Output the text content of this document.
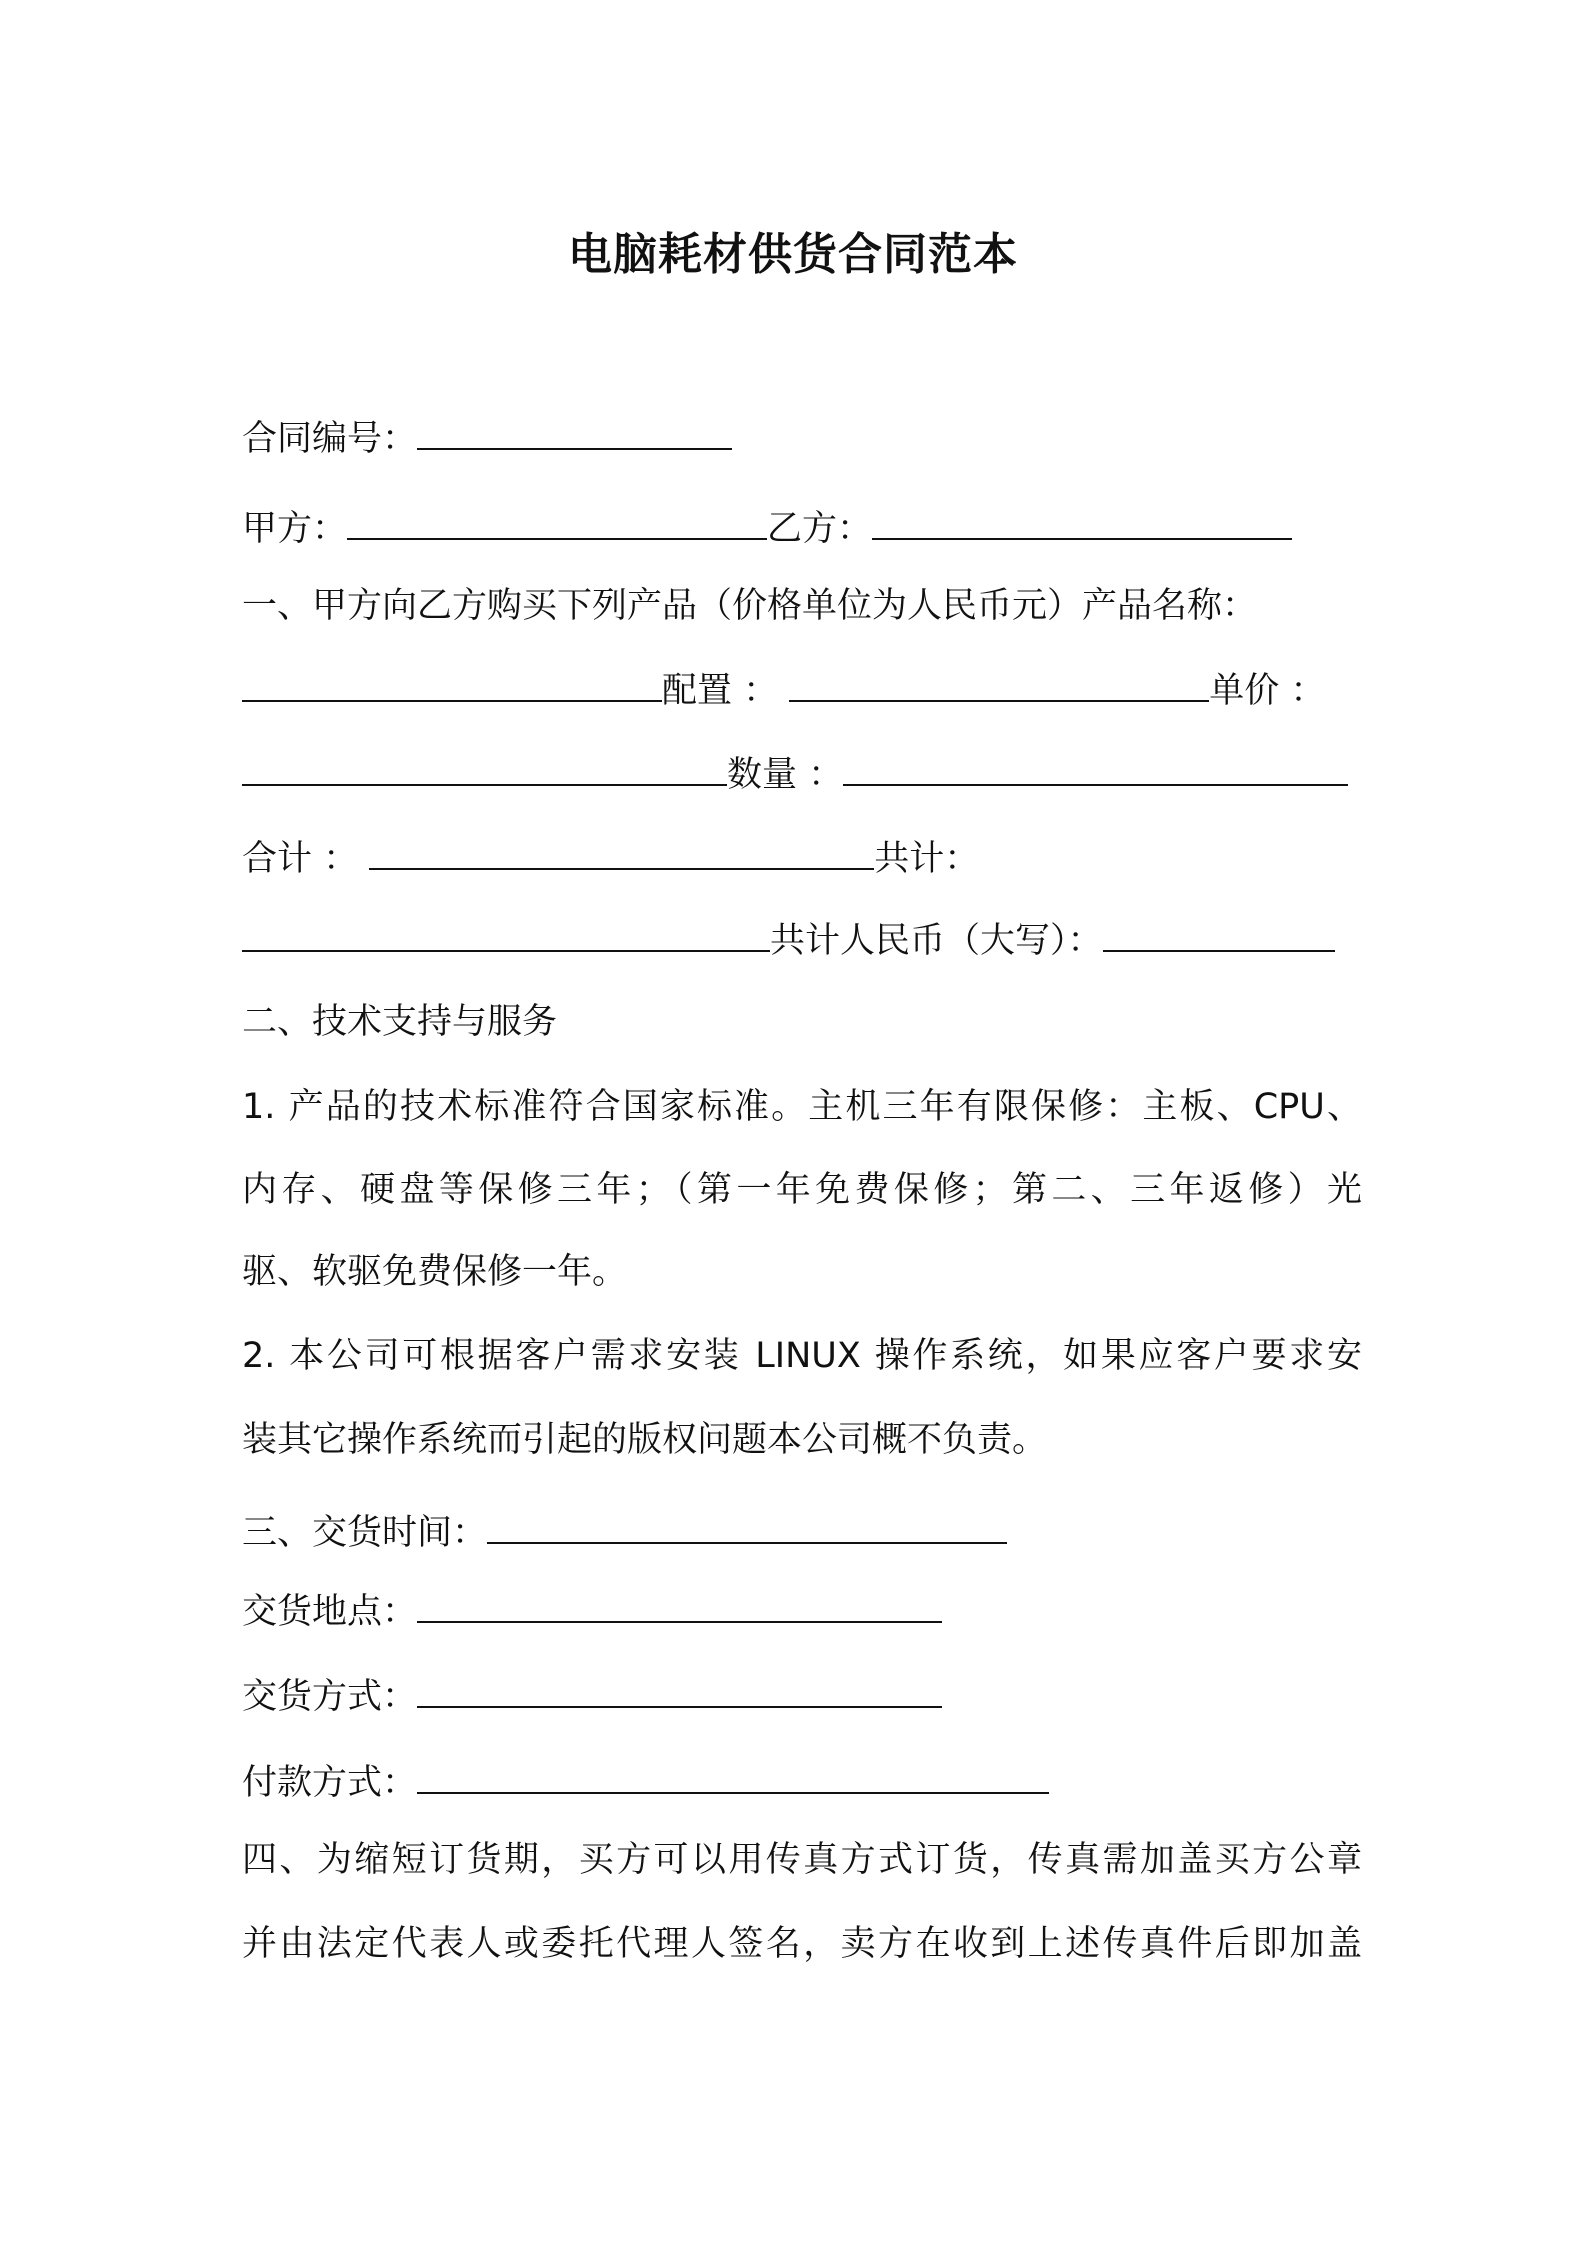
电脑耗材供货合同范本
合同编号：
甲方：	乙方：
一、甲方向乙方购买下列产品（价格单位为人民币元）产品名称：
配置 ：	单价 ：
数量 ：
合计 ：	共计：
共计人民币（大写）：
二、技术支持与服务
1. 产品的技术标准符合国家标准。主机三年有限保修：主板、CPU、
内存、硬盘等保修三年；（第一年免费保修；第二、三年返修）光
驱、软驱免费保修一年。
2. 本公司可根据客户需求安装 LINUX 操作系统，如果应客户要求安
装其它操作系统而引起的版权问题本公司概不负责。
三、交货时间：
交货地点：
交货方式：
付款方式：
四、为缩短订货期，买方可以用传真方式订货，传真需加盖买方公章
并由法定代表人或委托代理人签名，卖方在收到上述传真件后即加盖
